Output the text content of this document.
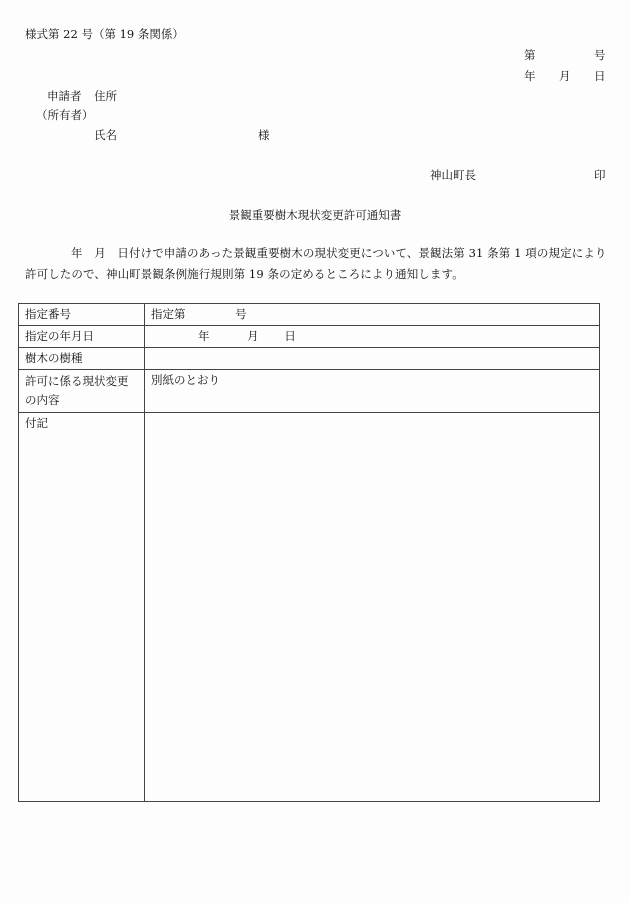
様式第 22 号（第 19 条関係）
第	号
年 月 日
申請者 住所
（所有者）
氏名	様
神山町長	印
景観重要樹木現状変更許可通知書
年　月　日付けで申請のあった景観重要樹木の現状変更について、景観法第 31 条第 1 項の規定により
許可したので、神山町景観条例施行規則第 19 条の定めるところにより通知します。
指定番号	指定第 号
指定の年月日	年 月 日
樹木の樹種	

許可に係る現状変更
の内容	別紙のとおり
付記	
